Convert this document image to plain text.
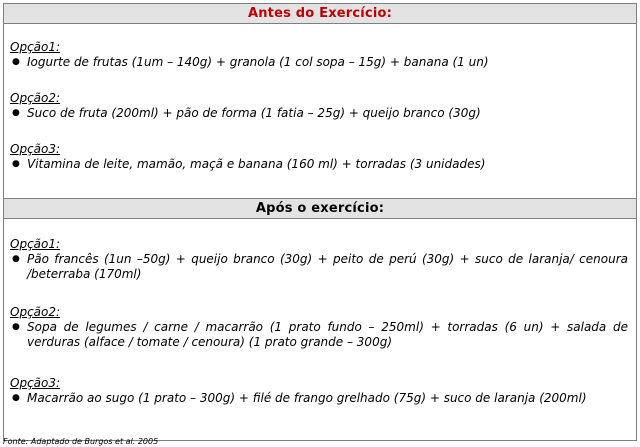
Antes do Exercício:
Opção1:
● Iogurte de frutas (1um – 140g) + granola (1 col sopa – 15g) + banana (1 un)
Opção2:
● Suco de fruta (200ml) + pão de forma (1 fatia – 25g) + queijo branco (30g)
Opção3:
● Vitamina de leite, mamão, maçã e banana (160 ml) + torradas (3 unidades)
Após o exercício:
Opção1:
● Pão francês (1un –50g) + queijo branco (30g) + peito de perú (30g) + suco de laranja/ cenoura /beterraba (170ml)
Opção2:
● Sopa de legumes / carne / macarrão (1 prato fundo – 250ml) + torradas (6 un) + salada de verduras (alface / tomate / cenoura) (1 prato grande – 300g)
Opção3:
● Macarrão ao sugo (1 prato – 300g) + filé de frango grelhado (75g) + suco de laranja (200ml)
Fonte: Adaptado de Burgos et al. 2005
